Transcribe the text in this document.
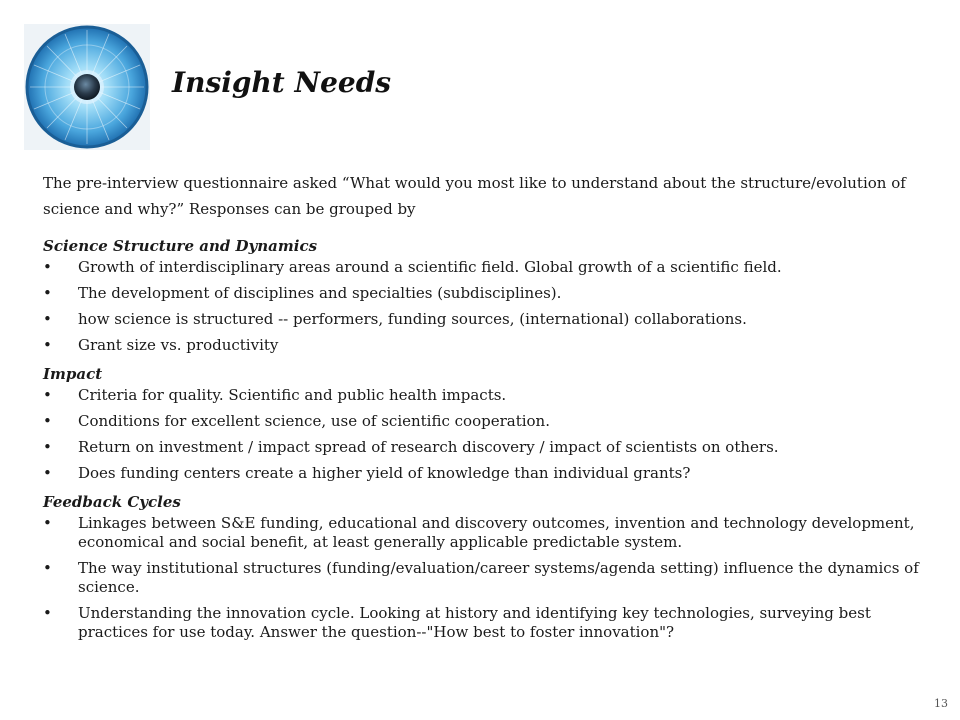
Insight Needs

The pre-interview questionnaire asked “What would you most like to understand about the structure/evolution of science and why?” Responses can be grouped by

Science Structure and Dynamics

• Growth of interdisciplinary areas around a scientific field. Global growth of a scientific field.
• The development of disciplines and specialties (subdisciplines).
• how science is structured -- performers, funding sources, (international) collaborations.
• Grant size vs. productivity

Impact

• Criteria for quality. Scientific and public health impacts.
• Conditions for excellent science, use of scientific cooperation.
• Return on investment / impact spread of research discovery / impact of scientists on others.
• Does funding centers create a higher yield of knowledge than individual grants?

Feedback Cycles

• Linkages between S&E funding, educational and discovery outcomes, invention and technology development, economical and social benefit, at least generally applicable predictable system.
• The way institutional structures (funding/evaluation/career systems/agenda setting) influence the dynamics of science.
• Understanding the innovation cycle. Looking at history and identifying key technologies, surveying best practices for use today. Answer the question--"How best to foster innovation"?
13
